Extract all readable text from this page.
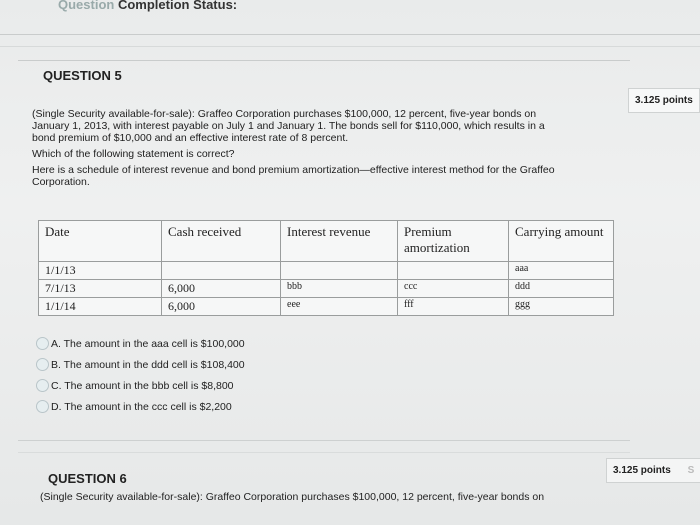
Question Completion Status:
QUESTION 5
3.125 points
(Single Security available-for-sale): Graffeo Corporation purchases $100,000, 12 percent, five-year bonds on
January 1, 2013, with interest payable on July 1 and January 1. The bonds sell for $110,000, which results in a
bond premium of $10,000 and an effective interest rate of 8 percent.
Which of the following statement is correct?
Here is a schedule of interest revenue and bond premium amortization—effective interest method for the Graffeo
Corporation.
Date	Cash received	Interest revenue	Premium
amortization	Carrying amount
1/1/13				aaa
7/1/13	6,000	bbb	ccc	ddd
1/1/14	6,000	eee	fff	ggg
A. The amount in the aaa cell is $100,000
B. The amount in the ddd cell is $108,400
C. The amount in the bbb cell is $8,800
D. The amount in the ccc cell is $2,200
QUESTION 6
3.125 points S
(Single Security available-for-sale): Graffeo Corporation purchases $100,000, 12 percent, five-year bonds on
